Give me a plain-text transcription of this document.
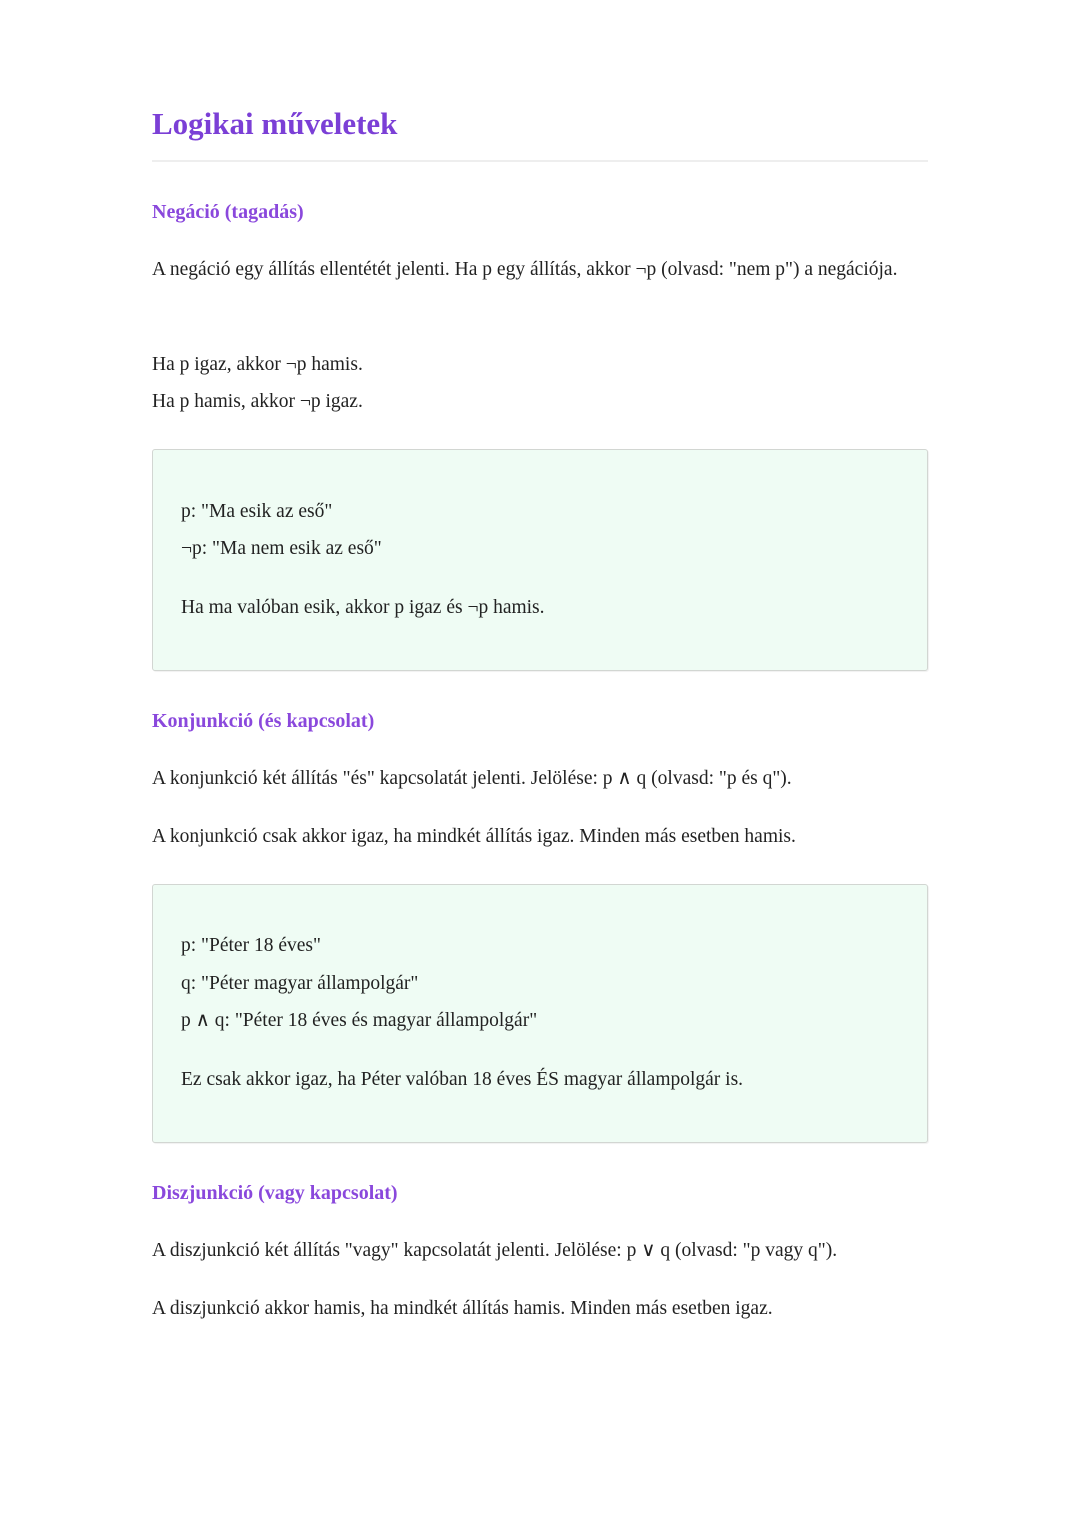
Logikai műveletek
Negáció (tagadás)

A negáció egy állítás ellentétét jelenti. Ha p egy állítás, akkor ¬p (olvasd: "nem p") a negációja.

Ha p igaz, akkor ¬p hamis.

Ha p hamis, akkor ¬p igaz.

p: "Ma esik az eső"

¬p: "Ma nem esik az eső"

Ha ma valóban esik, akkor p igaz és ¬p hamis.

Konjunkció (és kapcsolat)

A konjunkció két állítás "és" kapcsolatát jelenti. Jelölése: p ∧ q (olvasd: "p és q").

A konjunkció csak akkor igaz, ha mindkét állítás igaz. Minden más esetben hamis.

p: "Péter 18 éves"

q: "Péter magyar állampolgár"

p ∧ q: "Péter 18 éves és magyar állampolgár"

Ez csak akkor igaz, ha Péter valóban 18 éves ÉS magyar állampolgár is.

Diszjunkció (vagy kapcsolat)

A diszjunkció két állítás "vagy" kapcsolatát jelenti. Jelölése: p ∨ q (olvasd: "p vagy q").

A diszjunkció akkor hamis, ha mindkét állítás hamis. Minden más esetben igaz.
